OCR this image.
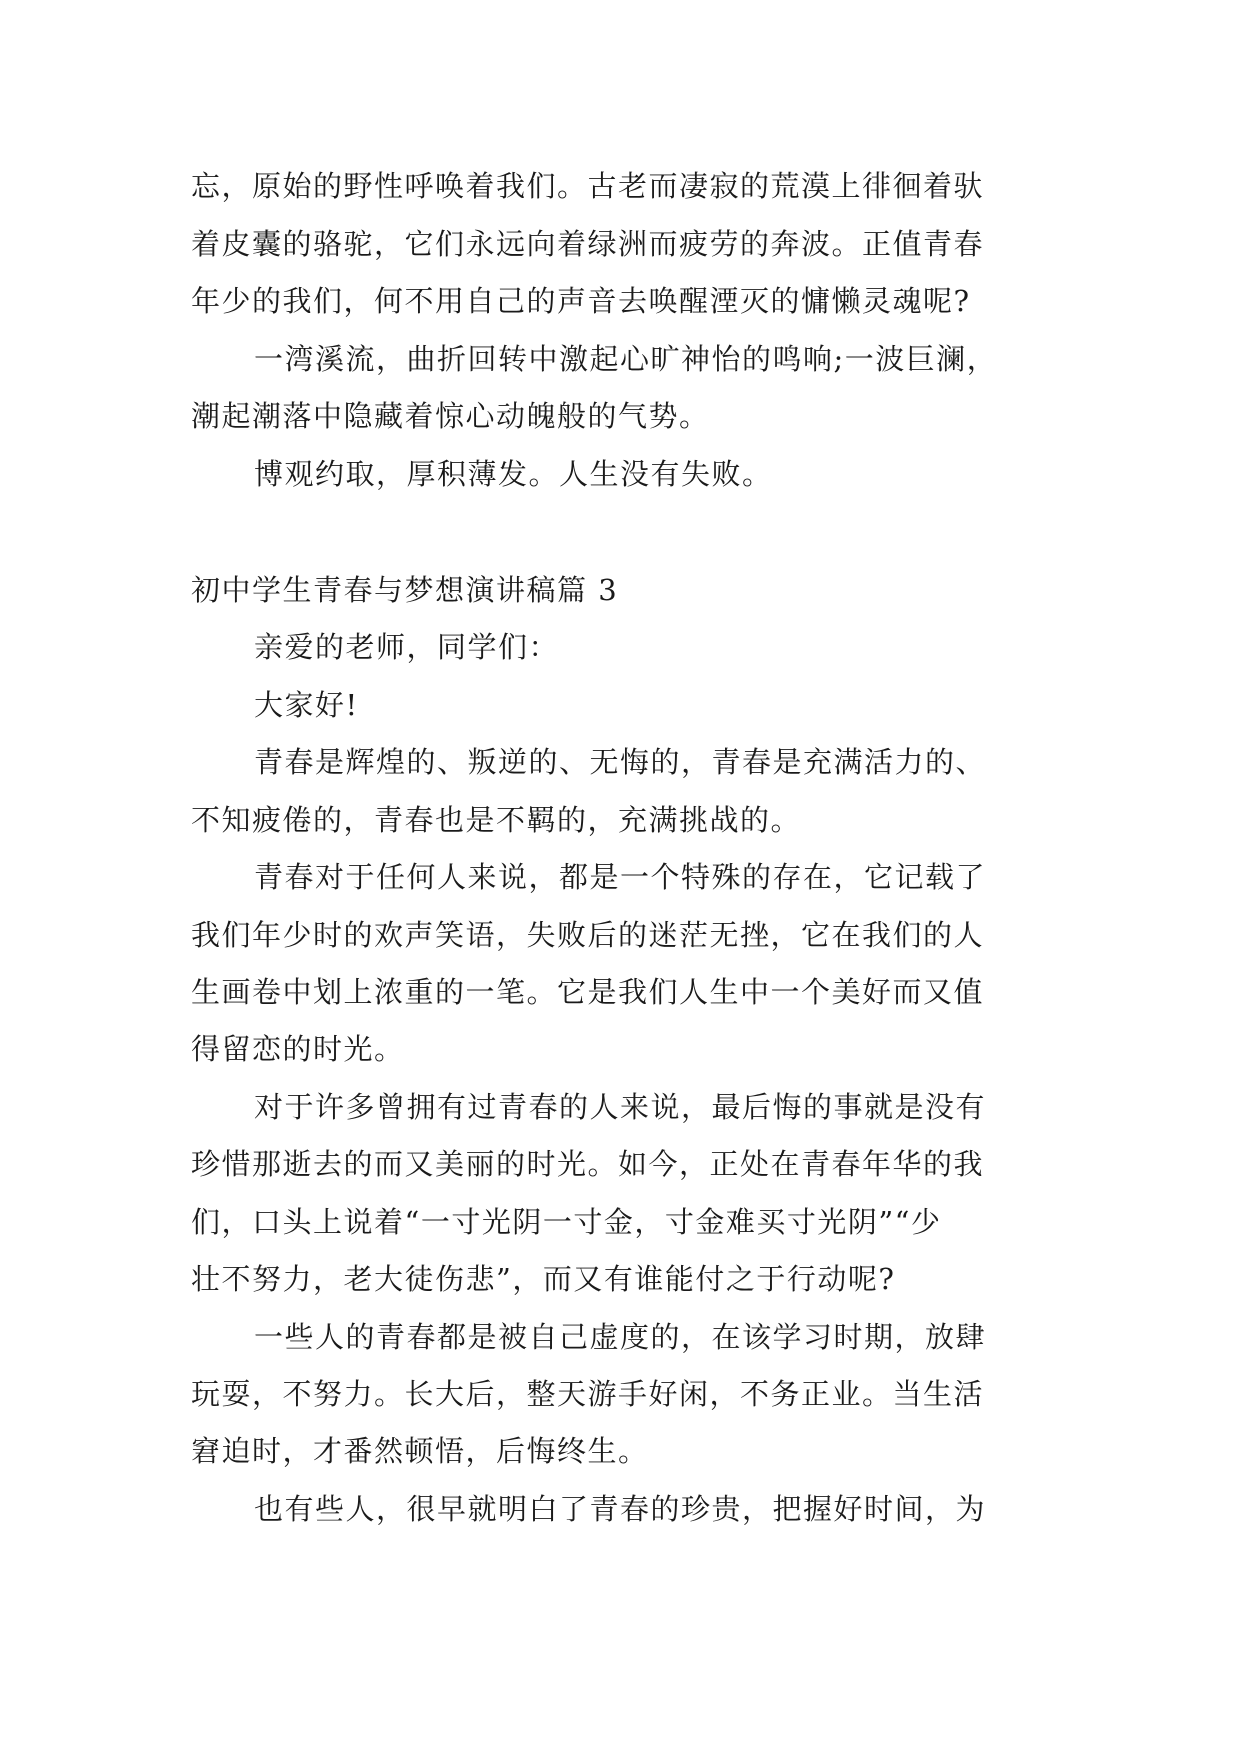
忘，原始的野性呼唤着我们。古老而凄寂的荒漠上徘徊着驮
着皮囊的骆驼，它们永远向着绿洲而疲劳的奔波。正值青春
年少的我们，何不用自己的声音去唤醒湮灭的慵懒灵魂呢?
一湾溪流，曲折回转中激起心旷神怡的鸣响;一波巨澜，
潮起潮落中隐藏着惊心动魄般的气势。
博观约取，厚积薄发。人生没有失败。
初中学生青春与梦想演讲稿篇 3
亲爱的老师，同学们：
大家好!
青春是辉煌的、叛逆的、无悔的，青春是充满活力的、
不知疲倦的，青春也是不羁的，充满挑战的。
青春对于任何人来说，都是一个特殊的存在，它记载了
我们年少时的欢声笑语，失败后的迷茫无挫，它在我们的人
生画卷中划上浓重的一笔。它是我们人生中一个美好而又值
得留恋的时光。
对于许多曾拥有过青春的人来说，最后悔的事就是没有
珍惜那逝去的而又美丽的时光。如今，正处在青春年华的我
们，口头上说着“一寸光阴一寸金，寸金难买寸光阴”“少
壮不努力，老大徒伤悲”，而又有谁能付之于行动呢?
一些人的青春都是被自己虚度的，在该学习时期，放肆
玩耍，不努力。长大后，整天游手好闲，不务正业。当生活
窘迫时，才番然顿悟，后悔终生。
也有些人，很早就明白了青春的珍贵，把握好时间，为
